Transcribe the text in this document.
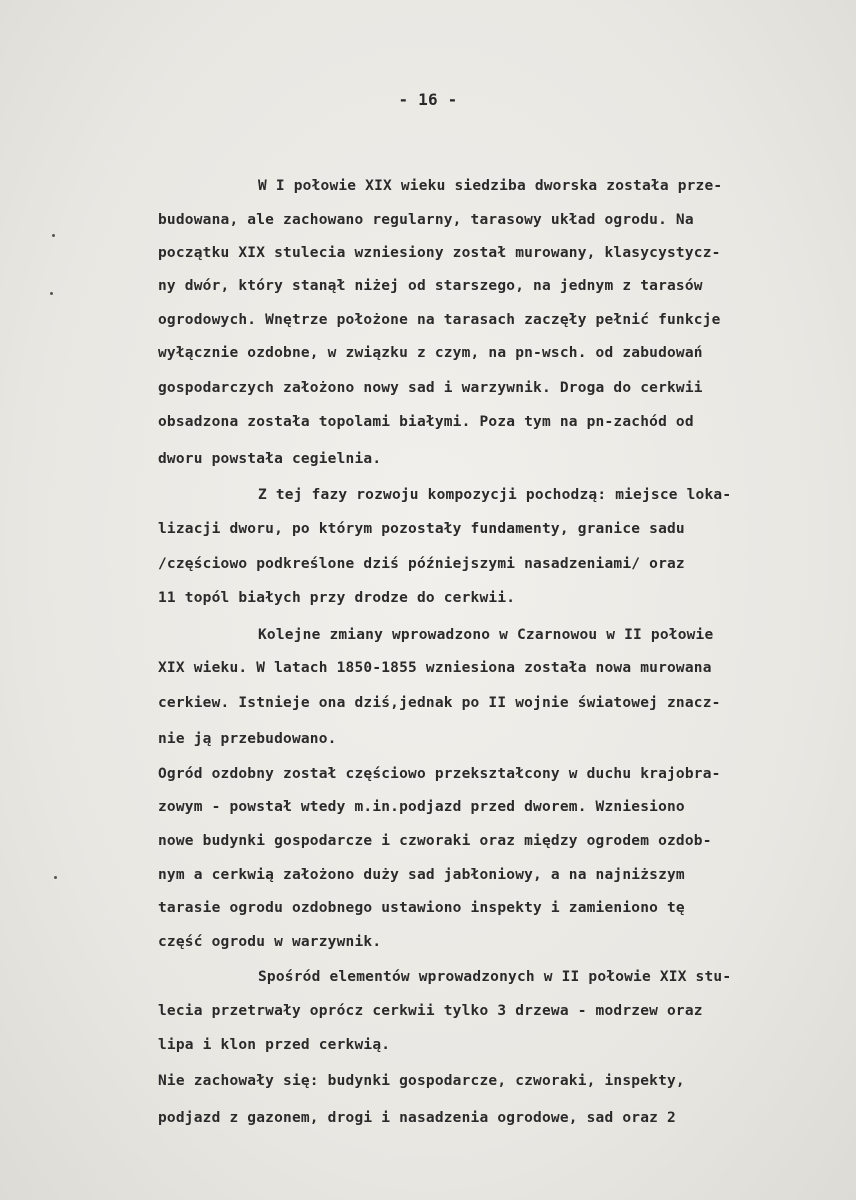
- 16 -
W I połowie XIX wieku siedziba dworska została prze-
budowana, ale zachowano regularny, tarasowy układ ogrodu. Na
początku XIX stulecia wzniesiony został murowany, klasycystycz-
ny dwór, który stanął niżej od starszego, na jednym z tarasów
ogrodowych. Wnętrze położone na tarasach zaczęły pełnić funkcje
wyłącznie ozdobne, w związku z czym, na pn-wsch. od zabudowań
gospodarczych założono nowy sad i warzywnik. Droga do cerkwii
obsadzona została topolami białymi. Poza tym na pn-zachód od
dworu powstała cegielnia.
Z tej fazy rozwoju kompozycji pochodzą: miejsce loka-
lizacji dworu, po którym pozostały fundamenty, granice sadu
/częściowo podkreślone dziś późniejszymi nasadzeniami/ oraz
11 topól białych przy drodze do cerkwii.
Kolejne zmiany wprowadzono w Czarnowou w II połowie
XIX wieku. W latach 1850-1855 wzniesiona została nowa murowana
cerkiew. Istnieje ona dziś,jednak po II wojnie światowej znacz-
nie ją przebudowano.
Ogród ozdobny został częściowo przekształcony w duchu krajobra-
zowym - powstał wtedy m.in.podjazd przed dworem. Wzniesiono
nowe budynki gospodarcze i czworaki oraz między ogrodem ozdob-
nym a cerkwią założono duży sad jabłoniowy, a na najniższym
tarasie ogrodu ozdobnego ustawiono inspekty i zamieniono tę
część ogrodu w warzywnik.
Spośród elementów wprowadzonych w II połowie XIX stu-
lecia przetrwały oprócz cerkwii tylko 3 drzewa - modrzew oraz
lipa i klon przed cerkwią.
Nie zachowały się: budynki gospodarcze, czworaki, inspekty,
podjazd z gazonem, drogi i nasadzenia ogrodowe, sad oraz 2
